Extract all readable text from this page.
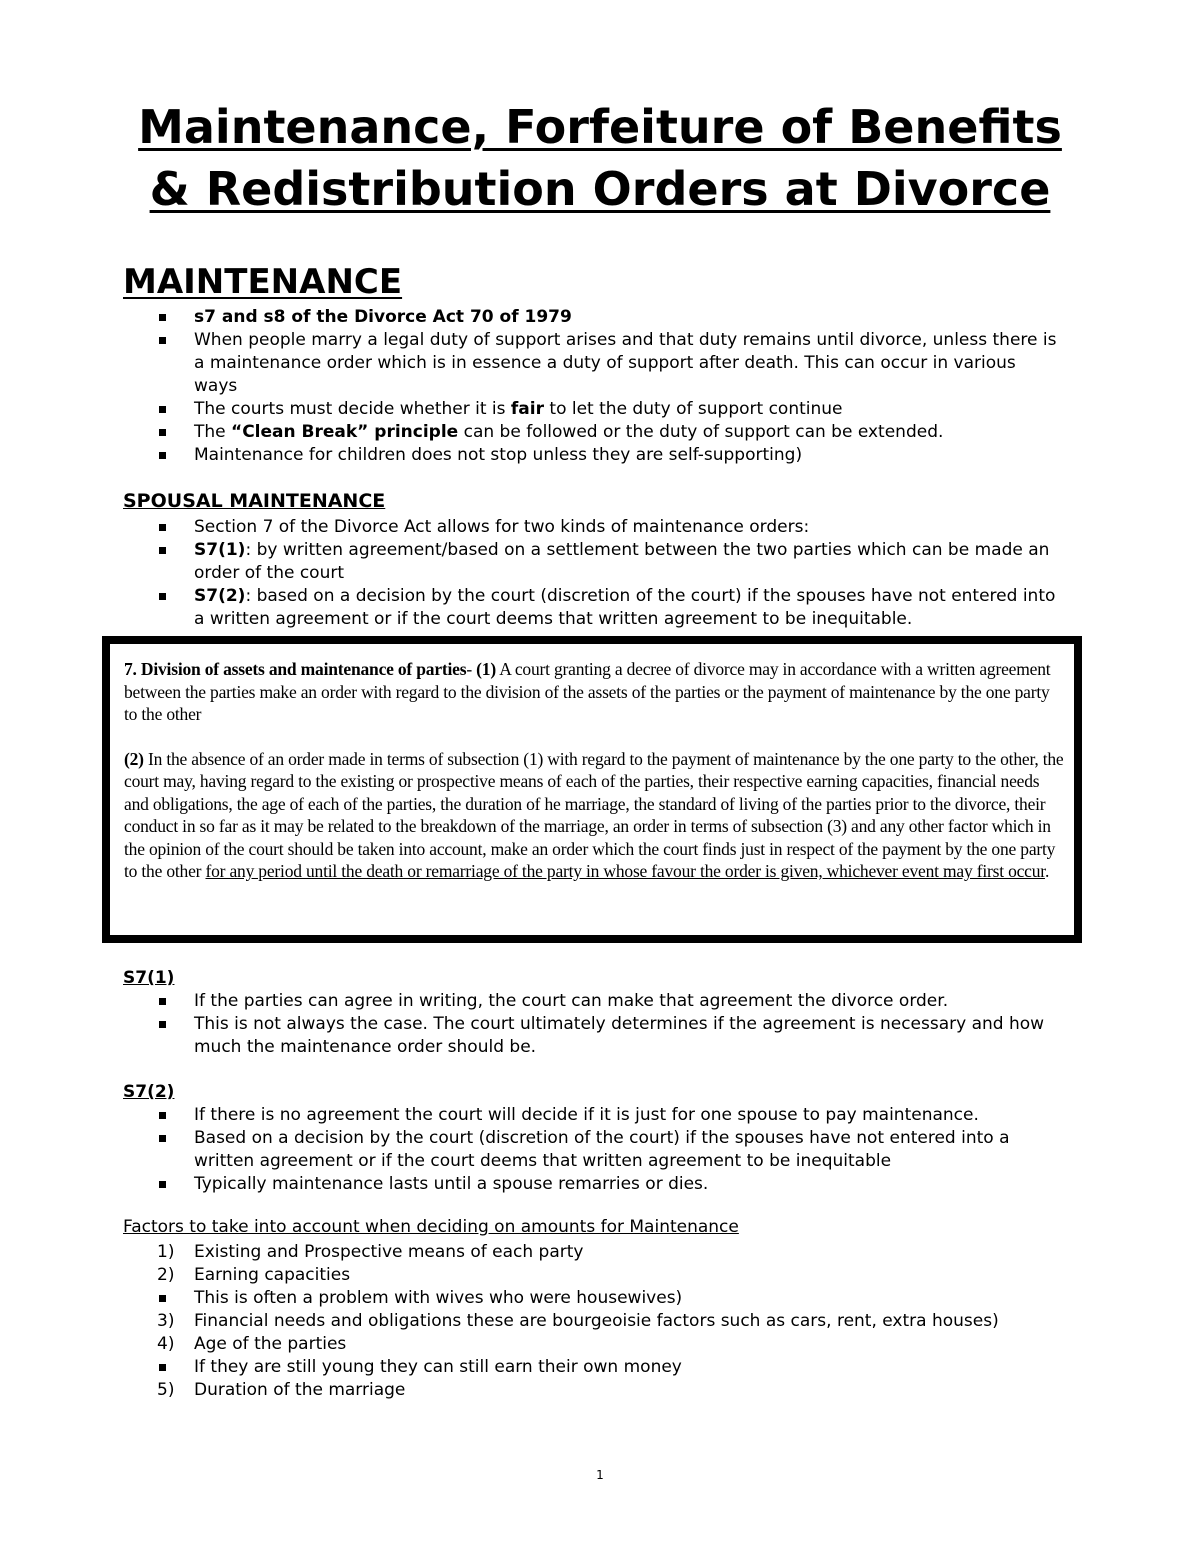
Maintenance, Forfeiture of Benefits
& Redistribution Orders at Divorce
MAINTENANCE
s7 and s8 of the Divorce Act 70 of 1979
When people marry a legal duty of support arises and that duty remains until divorce, unless there is a maintenance order which is in essence a duty of support after death. This can occur in various ways
The courts must decide whether it is fair to let the duty of support continue
The “Clean Break” principle can be followed or the duty of support can be extended.
Maintenance for children does not stop unless they are self-supporting)
SPOUSAL MAINTENANCE
Section 7 of the Divorce Act allows for two kinds of maintenance orders:
S7(1): by written agreement/based on a settlement between the two parties which can be made an order of the court
S7(2): based on a decision by the court (discretion of the court) if the spouses have not entered into a written agreement or if the court deems that written agreement to be inequitable.

7. Division of assets and maintenance of parties- (1) A court granting a decree of divorce may in accordance with a written agreement between the parties make an order with regard to the division of the assets of the parties or the payment of maintenance by the one party to the other

(2) In the absence of an order made in terms of subsection (1) with regard to the payment of maintenance by the one party to the other, the court may, having regard to the existing or prospective means of each of the parties, their respective earning capacities, financial needs and obligations, the age of each of the parties, the duration of he marriage, the standard of living of the parties prior to the divorce, their conduct in so far as it may be related to the breakdown of the marriage, an order in terms of subsection (3) and any other factor which in the opinion of the court should be taken into account, make an order which the court finds just in respect of the payment by the one party to the other for any period until the death or remarriage of the party in whose favour the order is given, whichever event may first occur.

S7(1)
If the parties can agree in writing, the court can make that agreement the divorce order.
This is not always the case. The court ultimately determines if the agreement is necessary and how much the maintenance order should be.
S7(2)
If there is no agreement the court will decide if it is just for one spouse to pay maintenance.
Based on a decision by the court (discretion of the court) if the spouses have not entered into a written agreement or if the court deems that written agreement to be inequitable
Typically maintenance lasts until a spouse remarries or dies.

Factors to take into account when deciding on amounts for Maintenance

1) Existing and Prospective means of each party
2) Earning capacities
This is often a problem with wives who were housewives)
3) Financial needs and obligations these are bourgeoisie factors such as cars, rent, extra houses)
4) Age of the parties
If they are still young they can still earn their own money
5) Duration of the marriage
1
